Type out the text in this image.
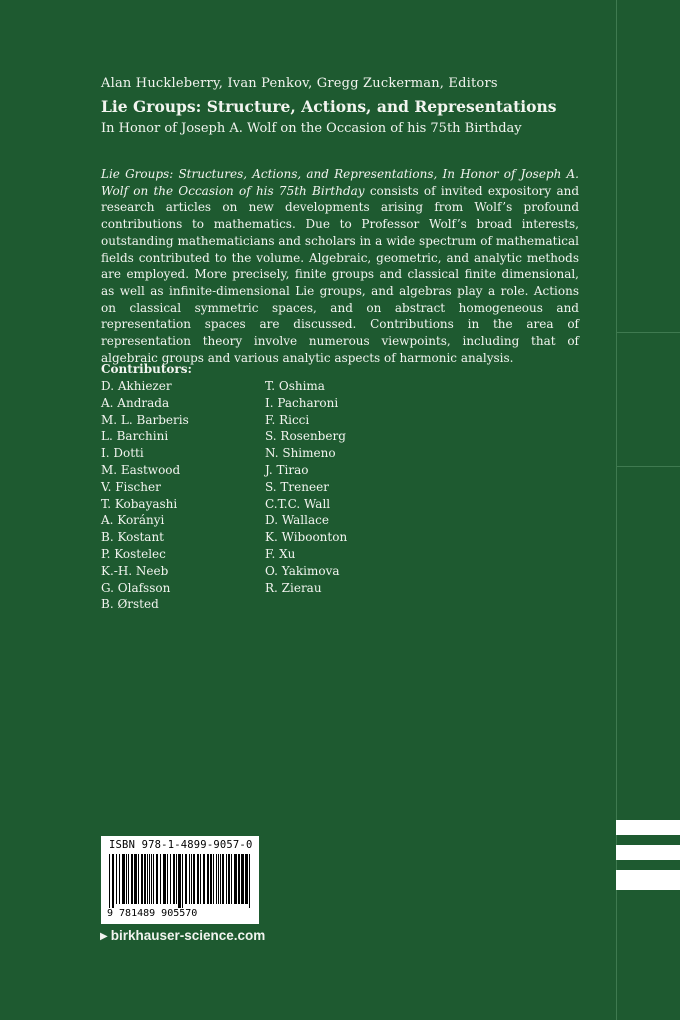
Alan Huckleberry, Ivan Penkov, Gregg Zuckerman, Editors
Lie Groups: Structure, Actions, and Representations
In Honor of Joseph A. Wolf on the Occasion of his 75th Birthday
Lie Groups: Structures, Actions, and Representations, In Honor of Joseph A. Wolf on the Occasion of his 75th Birthday consists of invited expository and research articles on new developments arising from Wolf’s profound contributions to mathematics. Due to Professor Wolf’s broad interests, outstanding mathematicians and scholars in a wide spectrum of mathematical fields contributed to the volume. Algebraic, geometric, and analytic methods are employed. More precisely, finite groups and classical finite dimensional, as well as infinite-dimensional Lie groups, and algebras play a role. Actions on classical symmetric spaces, and on abstract homogeneous and representation spaces are discussed. Contributions in the area of representation theory involve numerous viewpoints, including that of algebraic groups and various analytic aspects of harmonic analysis.
Contributors:
D. Akhiezer
A. Andrada
M. L. Barberis
L. Barchini
I. Dotti
M. Eastwood
V. Fischer
T. Kobayashi
A. Korányi
B. Kostant
P. Kostelec
K.-H. Neeb
G. Olafsson
B. Ørsted
T. Oshima
I. Pacharoni
F. Ricci
S. Rosenberg
N. Shimeno
J. Tirao
S. Treneer
C.T.C. Wall
D. Wallace
K. Wiboonton
F. Xu
O. Yakimova
R. Zierau
ISBN 978-1-4899-9057-0
9 781489 905570
▶ birkhauser-science.com
